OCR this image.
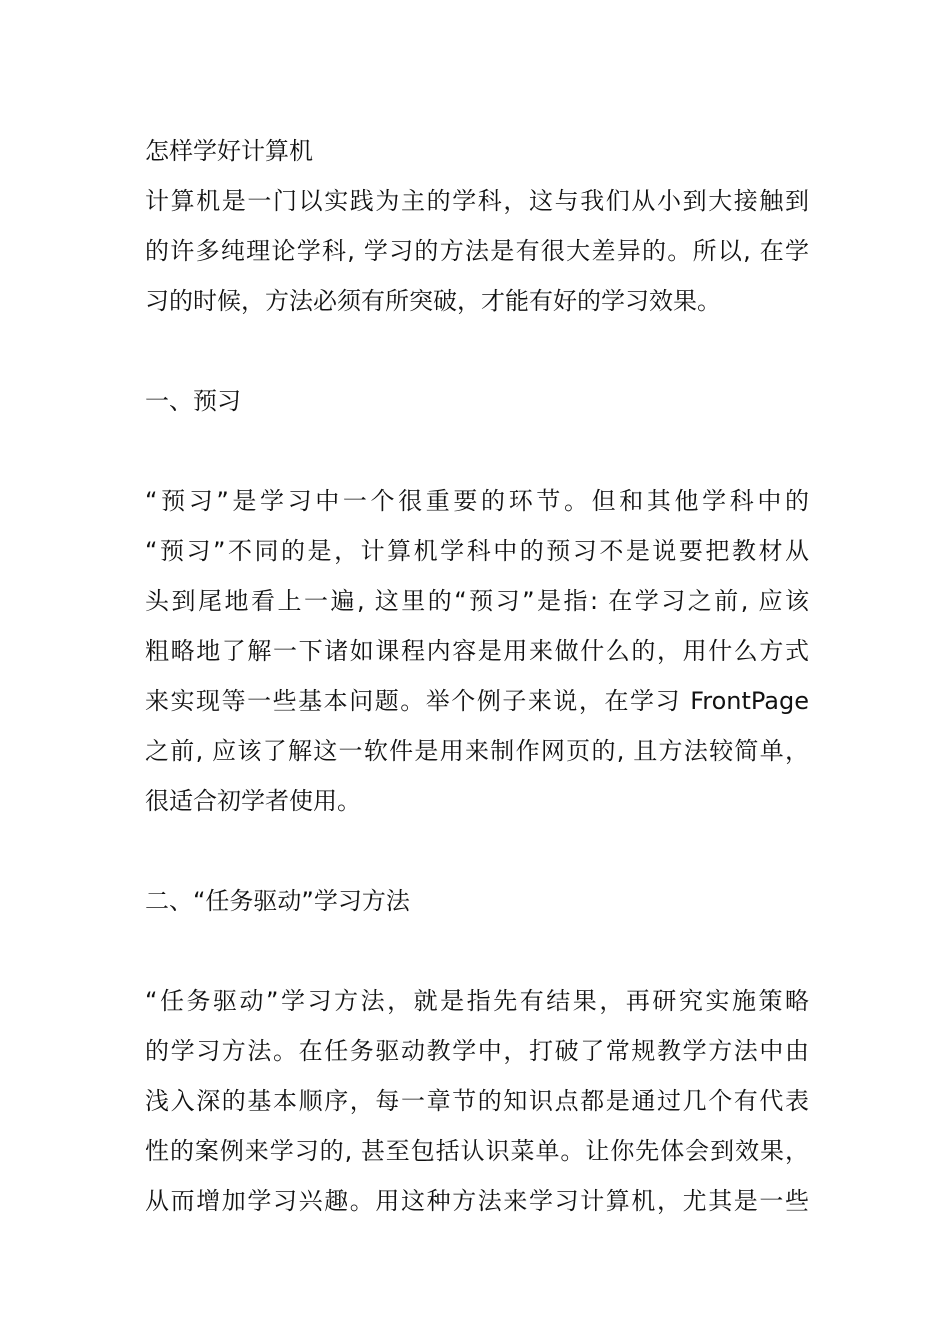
怎样学好计算机
计算机是一门以实践为主的学科，这与我们从小到大接触到
的许多纯理论学科, 学习的方法是有很大差异的。所以, 在学
习的时候，方法必须有所突破，才能有好的学习效果。
一、预习
“预习”是学习中一个很重要的环节。但和其他学科中的
“预习”不同的是，计算机学科中的预习不是说要把教材从
头到尾地看上一遍, 这里的“预习”是指: 在学习之前, 应该
粗略地了解一下诸如课程内容是用来做什么的，用什么方式
来实现等一些基本问题。举个例子来说，在学习 FrontPage
之前, 应该了解这一软件是用来制作网页的, 且方法较简单，
很适合初学者使用。
二、“任务驱动”学习方法
“任务驱动”学习方法，就是指先有结果，再研究实施策略
的学习方法。在任务驱动教学中，打破了常规教学方法中由
浅入深的基本顺序，每一章节的知识点都是通过几个有代表
性的案例来学习的, 甚至包括认识菜单。让你先体会到效果，
从而增加学习兴趣。用这种方法来学习计算机，尤其是一些
